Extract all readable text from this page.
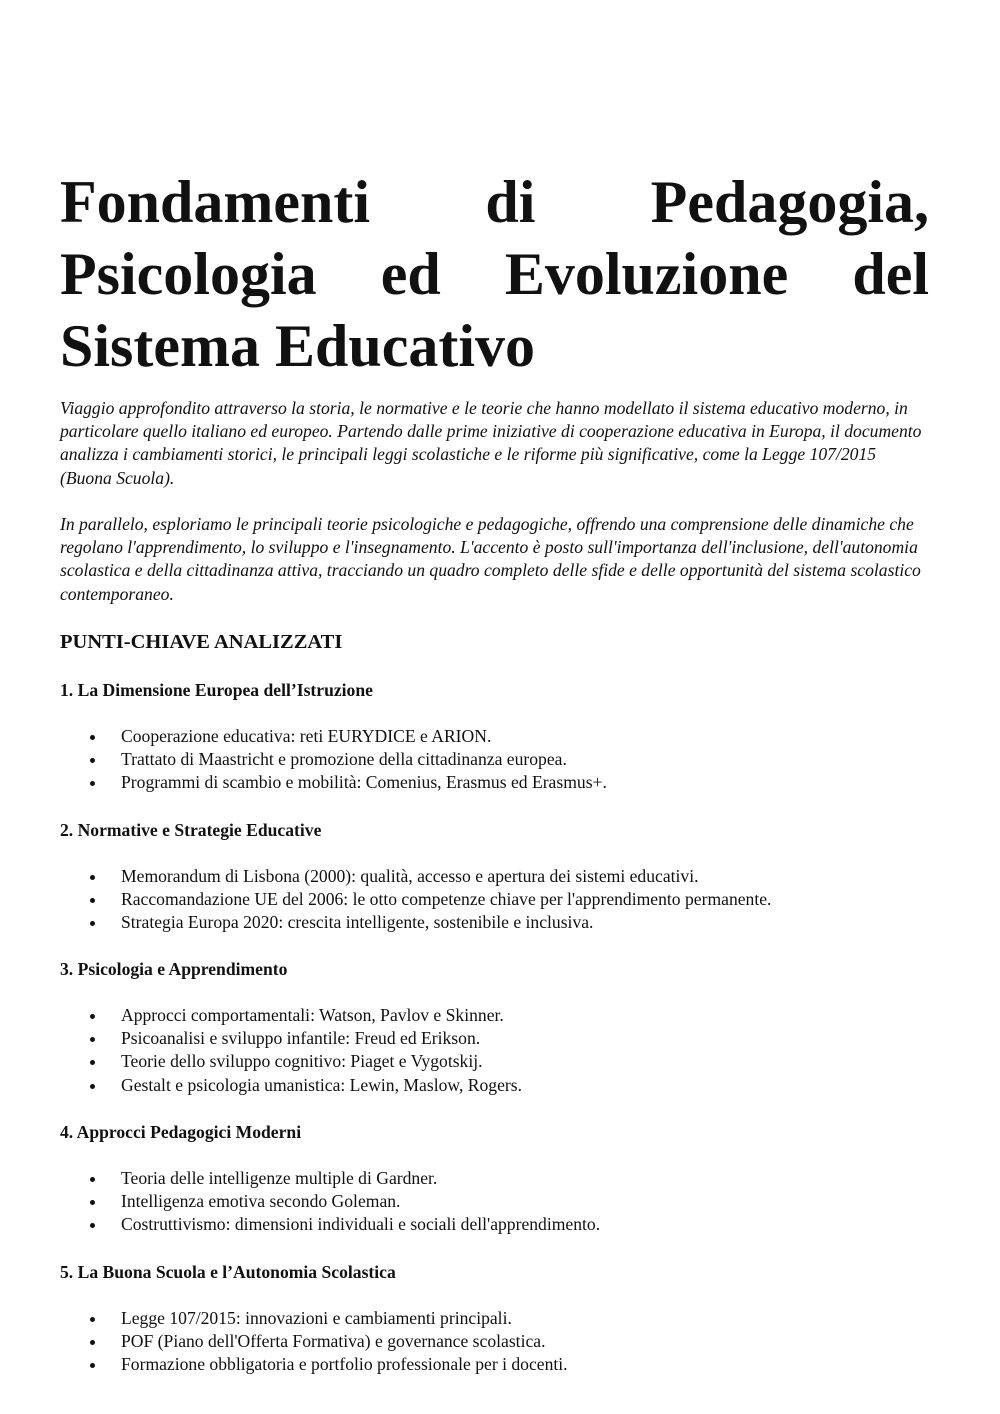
Fondamenti di Pedagogia, Psicologia ed Evoluzione del Sistema Educativo

Viaggio approfondito attraverso la storia, le normative e le teorie che hanno modellato il sistema educativo moderno, in particolare quello italiano ed europeo. Partendo dalle prime iniziative di cooperazione educativa in Europa, il documento analizza i cambiamenti storici, le principali leggi scolastiche e le riforme più significative, come la Legge 107/2015 (Buona Scuola).

In parallelo, esploriamo le principali teorie psicologiche e pedagogiche, offrendo una comprensione delle dinamiche che regolano l'apprendimento, lo sviluppo e l'insegnamento. L'accento è posto sull'importanza dell'inclusione, dell'autonomia scolastica e della cittadinanza attiva, tracciando un quadro completo delle sfide e delle opportunità del sistema scolastico contemporaneo.

PUNTI-CHIAVE ANALIZZATI
1. La Dimensione Europea dell’Istruzione
Cooperazione educativa: reti EURYDICE e ARION.
Trattato di Maastricht e promozione della cittadinanza europea.
Programmi di scambio e mobilità: Comenius, Erasmus ed Erasmus+.
2. Normative e Strategie Educative
Memorandum di Lisbona (2000): qualità, accesso e apertura dei sistemi educativi.
Raccomandazione UE del 2006: le otto competenze chiave per l'apprendimento permanente.
Strategia Europa 2020: crescita intelligente, sostenibile e inclusiva.
3. Psicologia e Apprendimento
Approcci comportamentali: Watson, Pavlov e Skinner.
Psicoanalisi e sviluppo infantile: Freud ed Erikson.
Teorie dello sviluppo cognitivo: Piaget e Vygotskij.
Gestalt e psicologia umanistica: Lewin, Maslow, Rogers.
4. Approcci Pedagogici Moderni
Teoria delle intelligenze multiple di Gardner.
Intelligenza emotiva secondo Goleman.
Costruttivismo: dimensioni individuali e sociali dell'apprendimento.
5. La Buona Scuola e l’Autonomia Scolastica
Legge 107/2015: innovazioni e cambiamenti principali.
POF (Piano dell'Offerta Formativa) e governance scolastica.
Formazione obbligatoria e portfolio professionale per i docenti.
